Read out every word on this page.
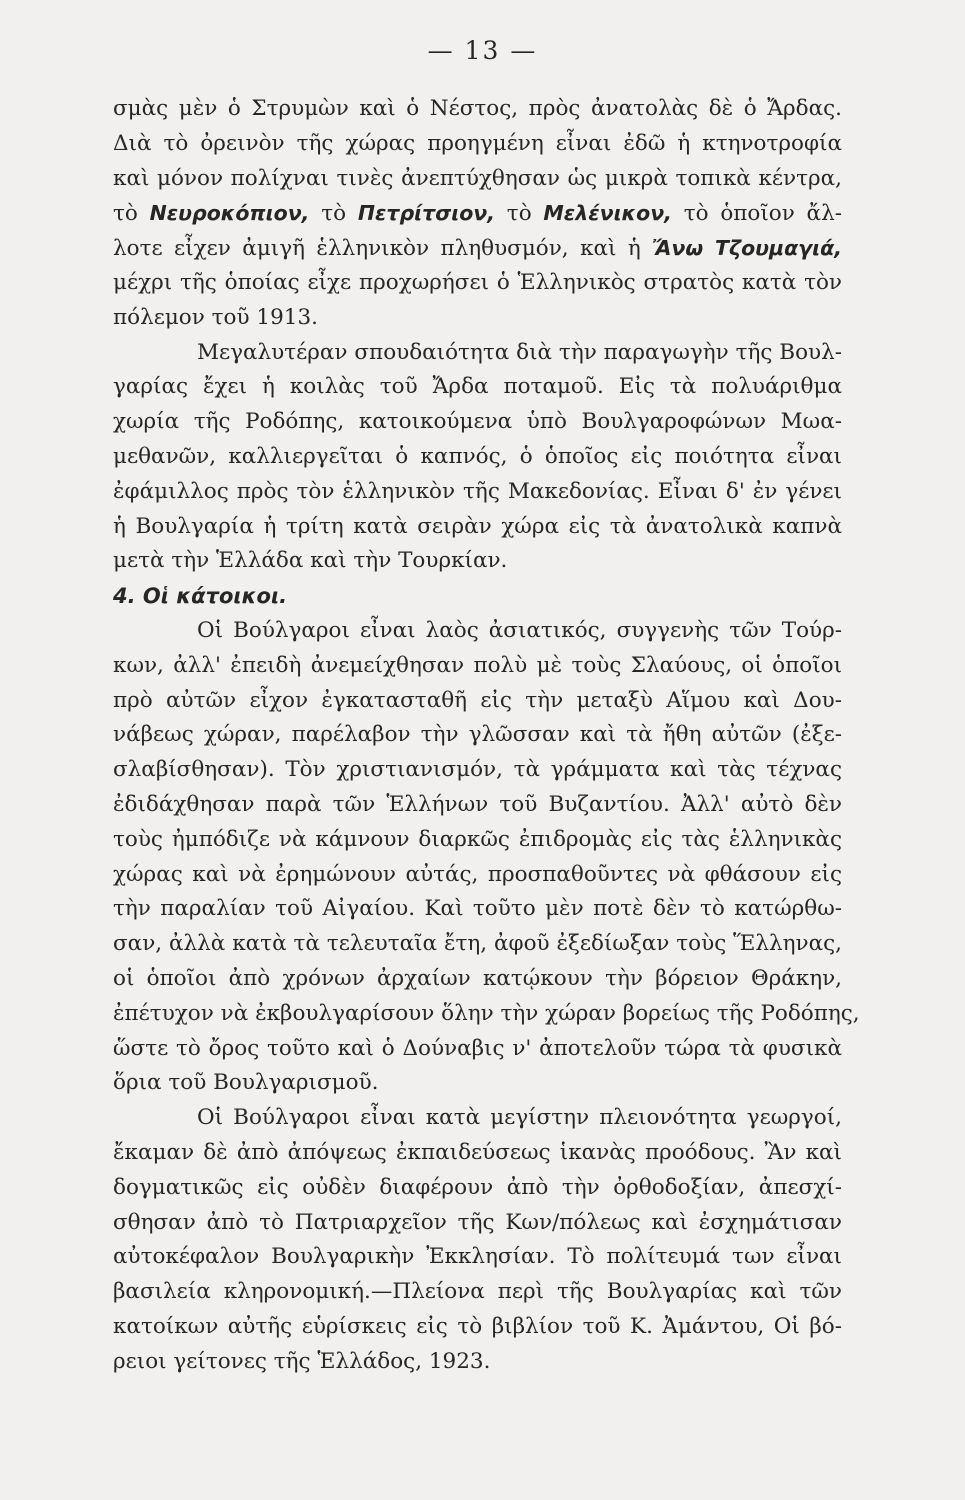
— 13 —
σμὰς μὲν ὁ Στρυμὼν καὶ ὁ Νέστος, πρὸς ἀνατολὰς δὲ ὁ Ἄρδας.
Διὰ τὸ ὀρεινὸν τῆς χώρας προηγμένη εἶναι ἐδῶ ἡ κτηνοτροφία
καὶ μόνον πολίχναι τινὲς ἀνεπτύχθησαν ὡς μικρὰ τοπικὰ κέντρα,
τὸ Νευροκόπιον, τὸ Πετρίτσιον, τὸ Μελένικον, τὸ ὁποῖον ἄλ-
λοτε εἶχεν ἀμιγῆ ἑλληνικὸν πληθυσμόν, καὶ ἡ Ἄνω Τζουμαγιά,
μέχρι τῆς ὁποίας εἶχε προχωρήσει ὁ Ἑλληνικὸς στρατὸς κατὰ τὸν
πόλεμον τοῦ 1913.
Μεγαλυτέραν σπουδαιότητα διὰ τὴν παραγωγὴν τῆς Βουλ-
γαρίας ἔχει ἡ κοιλὰς τοῦ Ἄρδα ποταμοῦ. Εἰς τὰ πολυάριθμα
χωρία τῆς Ροδόπης, κατοικούμενα ὑπὸ Βουλγαροφώνων Μωα-
μεθανῶν, καλλιεργεῖται ὁ καπνός, ὁ ὁποῖος εἰς ποιότητα εἶναι
ἐφάμιλλος πρὸς τὸν ἑλληνικὸν τῆς Μακεδονίας. Εἶναι δ' ἐν γένει
ἡ Βουλγαρία ἡ τρίτη κατὰ σειρὰν χώρα εἰς τὰ ἀνατολικὰ καπνὰ
μετὰ τὴν Ἑλλάδα καὶ τὴν Τουρκίαν.
4. Οἱ κάτοικοι.
Οἱ Βούλγαροι εἶναι λαὸς ἀσιατικός, συγγενὴς τῶν Τούρ-
κων, ἀλλ' ἐπειδὴ ἀνεμείχθησαν πολὺ μὲ τοὺς Σλαύους, οἱ ὁποῖοι
πρὸ αὐτῶν εἶχον ἐγκατασταθῆ εἰς τὴν μεταξὺ Αἵμου καὶ Δου-
νάβεως χώραν, παρέλαβον τὴν γλῶσσαν καὶ τὰ ἤθη αὐτῶν (ἐξε-
σλαβίσθησαν). Τὸν χριστιανισμόν, τὰ γράμματα καὶ τὰς τέχνας
ἐδιδάχθησαν παρὰ τῶν Ἑλλήνων τοῦ Βυζαντίου. Ἀλλ' αὐτὸ δὲν
τοὺς ἠμπόδιζε νὰ κάμνουν διαρκῶς ἐπιδρομὰς εἰς τὰς ἑλληνικὰς
χώρας καὶ νὰ ἐρημώνουν αὐτάς, προσπαθοῦντες νὰ φθάσουν εἰς
τὴν παραλίαν τοῦ Αἰγαίου. Καὶ τοῦτο μὲν ποτὲ δὲν τὸ κατώρθω-
σαν, ἀλλὰ κατὰ τὰ τελευταῖα ἔτη, ἀφοῦ ἐξεδίωξαν τοὺς Ἕλληνας,
οἱ ὁποῖοι ἀπὸ χρόνων ἀρχαίων κατῴκουν τὴν βόρειον Θράκην,
ἐπέτυχον νὰ ἐκβουλγαρίσουν ὅλην τὴν χώραν βορείως τῆς Ροδόπης,
ὥστε τὸ ὄρος τοῦτο καὶ ὁ Δούναβις ν' ἀποτελοῦν τώρα τὰ φυσικὰ
ὅρια τοῦ Βουλγαρισμοῦ.
Οἱ Βούλγαροι εἶναι κατὰ μεγίστην πλειονότητα γεωργοί,
ἔκαμαν δὲ ἀπὸ ἀπόψεως ἐκπαιδεύσεως ἱκανὰς προόδους. Ἂν καὶ
δογματικῶς εἰς οὐδὲν διαφέρουν ἀπὸ τὴν ὀρθοδοξίαν, ἀπεσχί-
σθησαν ἀπὸ τὸ Πατριαρχεῖον τῆς Κων/πόλεως καὶ ἐσχημάτισαν
αὐτοκέφαλον Βουλγαρικὴν Ἐκκλησίαν. Τὸ πολίτευμά των εἶναι
βασιλεία κληρονομική.—Πλείονα περὶ τῆς Βουλγαρίας καὶ τῶν
κατοίκων αὐτῆς εὑρίσκεις εἰς τὸ βιβλίον τοῦ Κ. Ἀμάντου, Οἱ βό-
ρειοι γείτονες τῆς Ἑλλάδος, 1923.
